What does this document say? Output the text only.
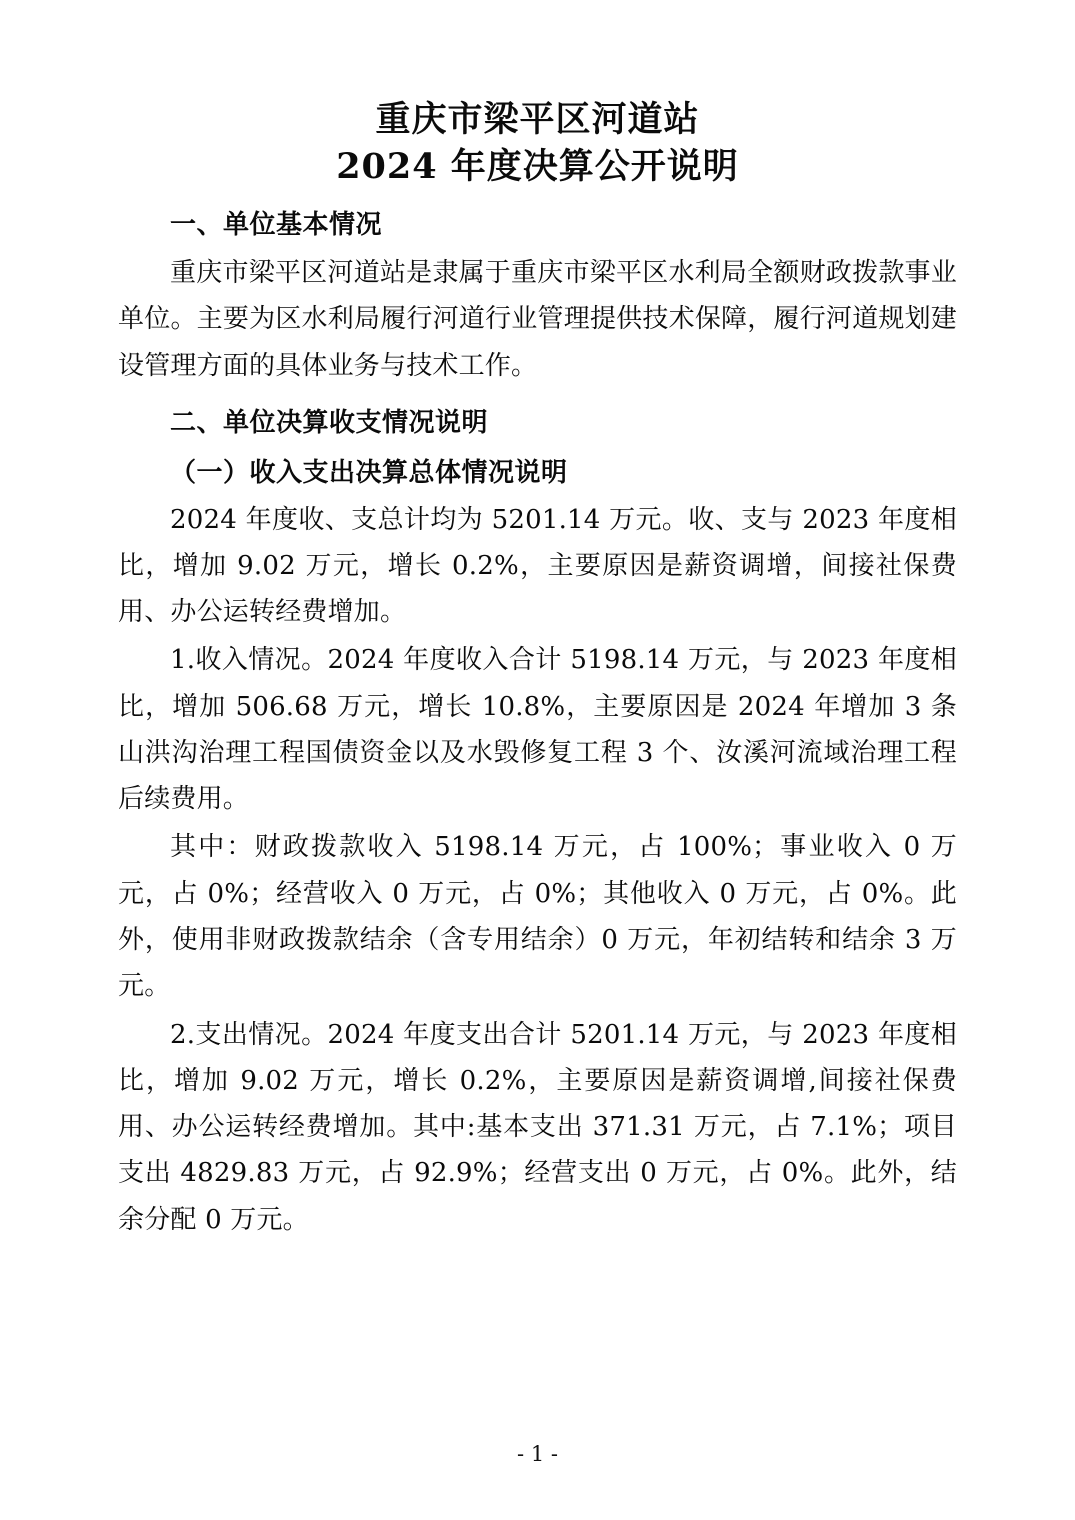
重庆市梁平区河道站
2024 年度决算公开说明
一、单位基本情况

重庆市梁平区河道站是隶属于重庆市梁平区水利局全额财政拨款事业单位。主要为区水利局履行河道行业管理提供技术保障，履行河道规划建设管理方面的具体业务与技术工作。

二、单位决算收支情况说明
（一）收入支出决算总体情况说明

2024 年度收、支总计均为 5201.14 万元。收、支与 2023 年度相比，增加 9.02 万元，增长 0.2%，主要原因是薪资调增，间接社保费用、办公运转经费增加。

1.收入情况。2024 年度收入合计 5198.14 万元，与 2023 年度相比，增加 506.68 万元，增长 10.8%，主要原因是 2024 年增加 3 条山洪沟治理工程国债资金以及水毁修复工程 3 个、汝溪河流域治理工程后续费用。

其中：财政拨款收入 5198.14 万元，占 100%；事业收入 0 万元，占 0%；经营收入 0 万元，占 0%；其他收入 0 万元，占 0%。此外，使用非财政拨款结余（含专用结余）0 万元，年初结转和结余 3 万元。

2.支出情况。2024 年度支出合计 5201.14 万元，与 2023 年度相比，增加 9.02 万元，增长 0.2%，主要原因是薪资调增,间接社保费用、办公运转经费增加。其中:基本支出 371.31 万元，占 7.1%；项目支出 4829.83 万元，占 92.9%；经营支出 0 万元，占 0%。此外，结余分配 0 万元。

- 1 -
